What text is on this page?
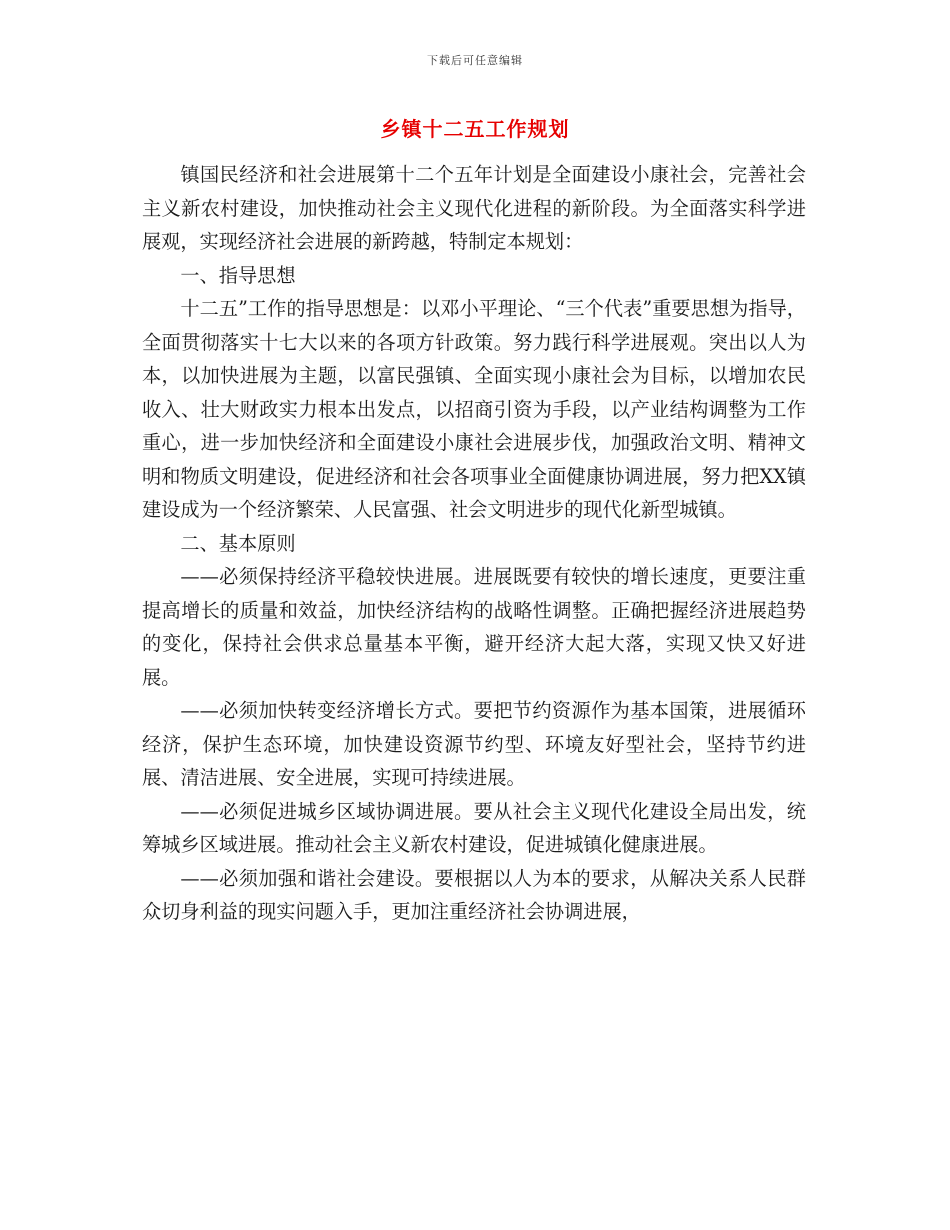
下载后可任意编辑
乡镇十二五工作规划

镇国民经济和社会进展第十二个五年计划是全面建设小康社会，完善社会主义新农村建设，加快推动社会主义现代化进程的新阶段。为全面落实科学进展观，实现经济社会进展的新跨越，特制定本规划：

一、指导思想

十二五”工作的指导思想是：以邓小平理论、“三个代表”重要思想为指导，全面贯彻落实十七大以来的各项方针政策。努力践行科学进展观。突出以人为本，以加快进展为主题，以富民强镇、全面实现小康社会为目标，以增加农民收入、壮大财政实力根本出发点，以招商引资为手段，以产业结构调整为工作重心，进一步加快经济和全面建设小康社会进展步伐，加强政治文明、精神文明和物质文明建设，促进经济和社会各项事业全面健康协调进展，努力把XX镇建设成为一个经济繁荣、人民富强、社会文明进步的现代化新型城镇。

二、基本原则

——必须保持经济平稳较快进展。进展既要有较快的增长速度，更要注重提高增长的质量和效益，加快经济结构的战略性调整。正确把握经济进展趋势的变化，保持社会供求总量基本平衡，避开经济大起大落，实现又快又好进展。

——必须加快转变经济增长方式。要把节约资源作为基本国策，进展循环经济，保护生态环境，加快建设资源节约型、环境友好型社会，坚持节约进展、清洁进展、安全进展，实现可持续进展。

——必须促进城乡区域协调进展。要从社会主义现代化建设全局出发，统筹城乡区域进展。推动社会主义新农村建设，促进城镇化健康进展。

——必须加强和谐社会建设。要根据以人为本的要求，从解决关系人民群众切身利益的现实问题入手，更加注重经济社会协调进展，
